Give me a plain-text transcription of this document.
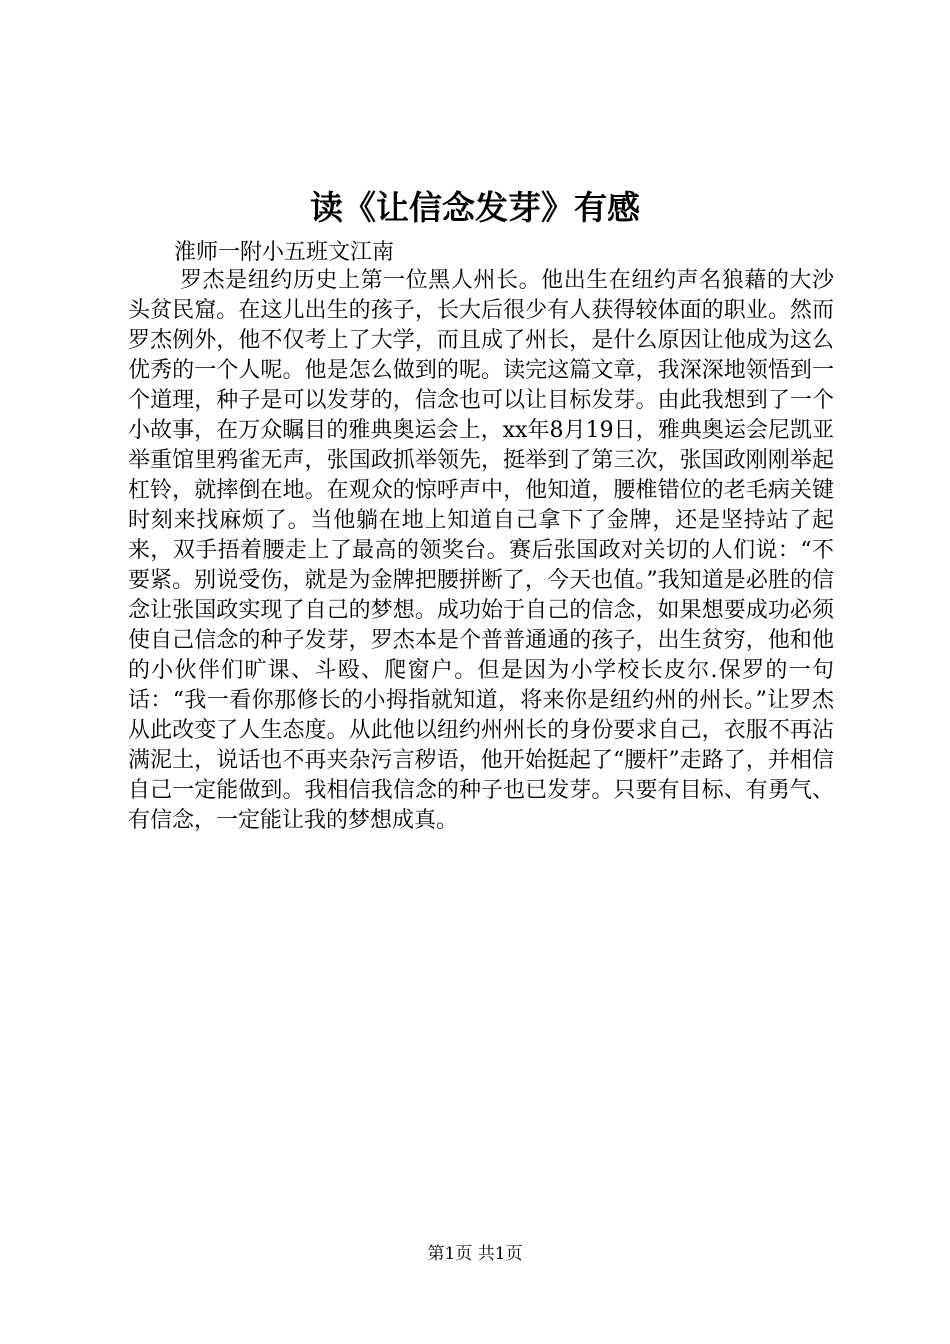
读《让信念发芽》有感

淮师一附小五班文江南

罗杰是纽约历史上第一位黑人州长。他出生在纽约声名狼藉的大沙头贫民窟。在这儿出生的孩子，长大后很少有人获得较体面的职业。然而罗杰例外，他不仅考上了大学，而且成了州长，是什么原因让他成为这么优秀的一个人呢。他是怎么做到的呢。读完这篇文章，我深深地领悟到一个道理，种子是可以发芽的，信念也可以让目标发芽。由此我想到了一个小故事，在万众瞩目的雅典奥运会上，xx年8月19日，雅典奥运会尼凯亚举重馆里鸦雀无声，张国政抓举领先，挺举到了第三次，张国政刚刚举起杠铃，就摔倒在地。在观众的惊呼声中，他知道，腰椎错位的老毛病关键时刻来找麻烦了。当他躺在地上知道自己拿下了金牌，还是坚持站了起来，双手捂着腰走上了最高的领奖台。赛后张国政对关切的人们说：“不要紧。别说受伤，就是为金牌把腰拼断了，今天也值。”我知道是必胜的信念让张国政实现了自己的梦想。成功始于自己的信念，如果想要成功必须使自己信念的种子发芽，罗杰本是个普普通通的孩子，出生贫穷，他和他的小伙伴们旷课、斗殴、爬窗户。但是因为小学校长皮尔.保罗的一句话：“我一看你那修长的小拇指就知道，将来你是纽约州的州长。”让罗杰从此改变了人生态度。从此他以纽约州州长的身份要求自己，衣服不再沾满泥土，说话也不再夹杂污言秽语，他开始挺起了“腰杆”走路了，并相信自己一定能做到。我相信我信念的种子也已发芽。只要有目标、有勇气、有信念，一定能让我的梦想成真。

第1页 共1页
